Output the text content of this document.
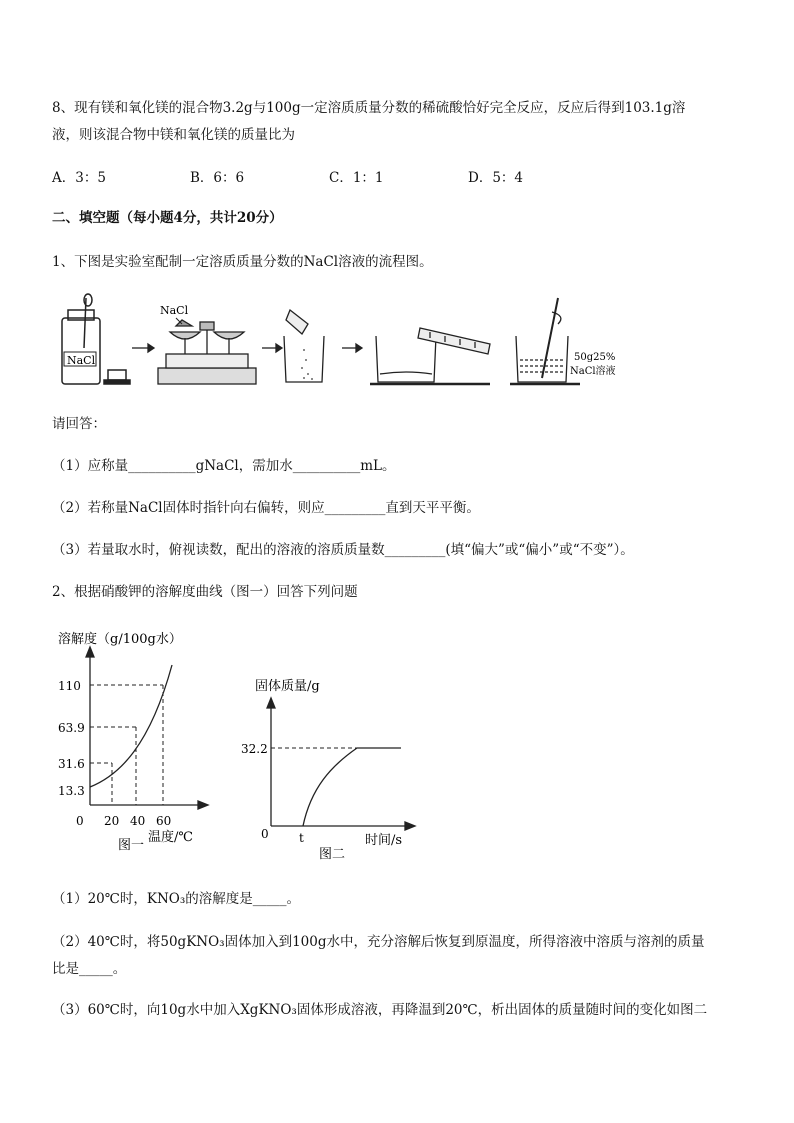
8、现有镁和氧化镁的混合物3.2g与100g一定溶质质量分数的稀硫酸恰好完全反应，反应后得到103.1g溶
液，则该混合物中镁和氧化镁的质量比为
A．3：5	B．6：6	C．1：1	D．5：4
二、填空题（每小题4分，共计20分）
1、下图是实验室配制一定溶质质量分数的NaCl溶液的流程图。
NaCl
NaCl
50g25%
NaCl溶液
请回答：
（1）应称量__________gNaCl，需加水__________mL。
（2）若称量NaCl固体时指针向右偏转，则应_________直到天平平衡。
（3）若量取水时，俯视读数，配出的溶液的溶质质量数_________(填“偏大”或“偏小”或“不变”）。
2、根据硝酸钾的溶解度曲线（图一）回答下列问题
溶解度（g/100g水）
110
63.9
31.6
13.3
0 20 40 60
温度/℃
图一
固体质量/g
32.2
0	t	时间/s
图二
（1）20℃时，KNO₃的溶解度是_____。
（2）40℃时，将50gKNO₃固体加入到100g水中，充分溶解后恢复到原温度，所得溶液中溶质与溶剂的质量
比是_____。
（3）60℃时，向10g水中加入XgKNO₃固体形成溶液，再降温到20℃，析出固体的质量随时间的变化如图二
